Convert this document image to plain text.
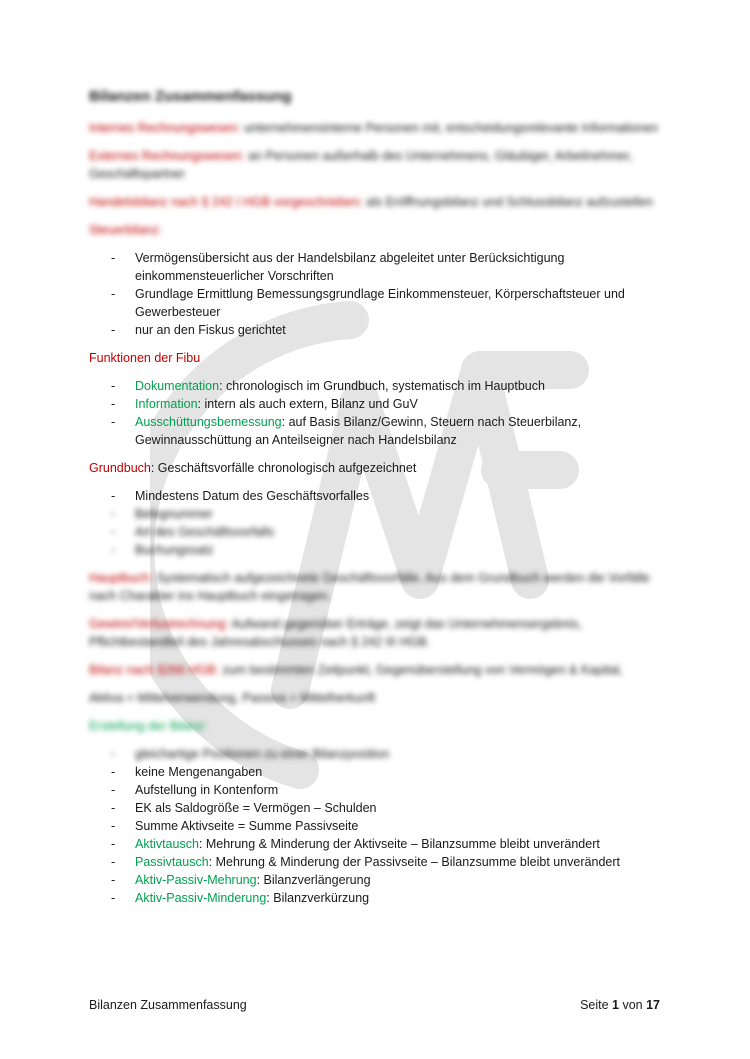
Bilanzen Zusammenfassung

Internes Rechnungswesen: unternehmensinterne Personen mit, entscheidungsrelevante Informationen

Externes Rechnungswesen: an Personen außerhalb des Unternehmens, Gläubiger, Arbeitnehmer, Geschäftspartner

Handelsbilanz nach § 242 I HGB vorgeschrieben: als Eröffnungsbilanz und Schlussbilanz aufzustellen

Steuerbilanz:

- Vermögensübersicht aus der Handelsbilanz abgeleitet unter Berücksichtigung einkommensteuerlicher Vorschriften
- Grundlage Ermittlung Bemessungsgrundlage Einkommensteuer, Körperschaftsteuer und Gewerbesteuer
- nur an den Fiskus gerichtet

Funktionen der Fibu

- Dokumentation: chronologisch im Grundbuch, systematisch im Hauptbuch
- Information: intern als auch extern, Bilanz und GuV
- Ausschüttungsbemessung: auf Basis Bilanz/Gewinn, Steuern nach Steuerbilanz, Gewinnausschüttung an Anteilseigner nach Handelsbilanz

Grundbuch: Geschäftsvorfälle chronologisch aufgezeichnet

- Mindestens Datum des Geschäftsvorfalles
- Belegnummer
- Art des Geschäftsvorfalls
- Buchungssatz

Hauptbuch: Systematisch aufgezeichnete Geschäftsvorfälle. Aus dem Grundbuch werden die Vorfälle nach Charakter ins Hauptbuch eingetragen.

Gewinn/Verlustrechnung: Aufwand gegenüber Erträge, zeigt das Unternehmensergebnis, Pflichtbestandteil des Jahresabschlusses nach § 242 III HGB.

Bilanz nach §266 HGB: zum bestimmten Zeitpunkt, Gegenüberstellung von Vermögen & Kapital,

Aktiva = Mittelverwendung, Passiva = Mittelherkunft

Erstellung der Bilanz:

- gleichartige Positionen zu einer Bilanzposition
- keine Mengenangaben
- Aufstellung in Kontenform
- EK als Saldogröße = Vermögen – Schulden
- Summe Aktivseite = Summe Passivseite
- Aktivtausch: Mehrung & Minderung der Aktivseite – Bilanzsumme bleibt unverändert
- Passivtausch: Mehrung & Minderung der Passivseite – Bilanzsumme bleibt unverändert
- Aktiv-Passiv-Mehrung: Bilanzverlängerung
- Aktiv-Passiv-Minderung: Bilanzverkürzung
Bilanzen Zusammenfassung	Seite 1 von 17
